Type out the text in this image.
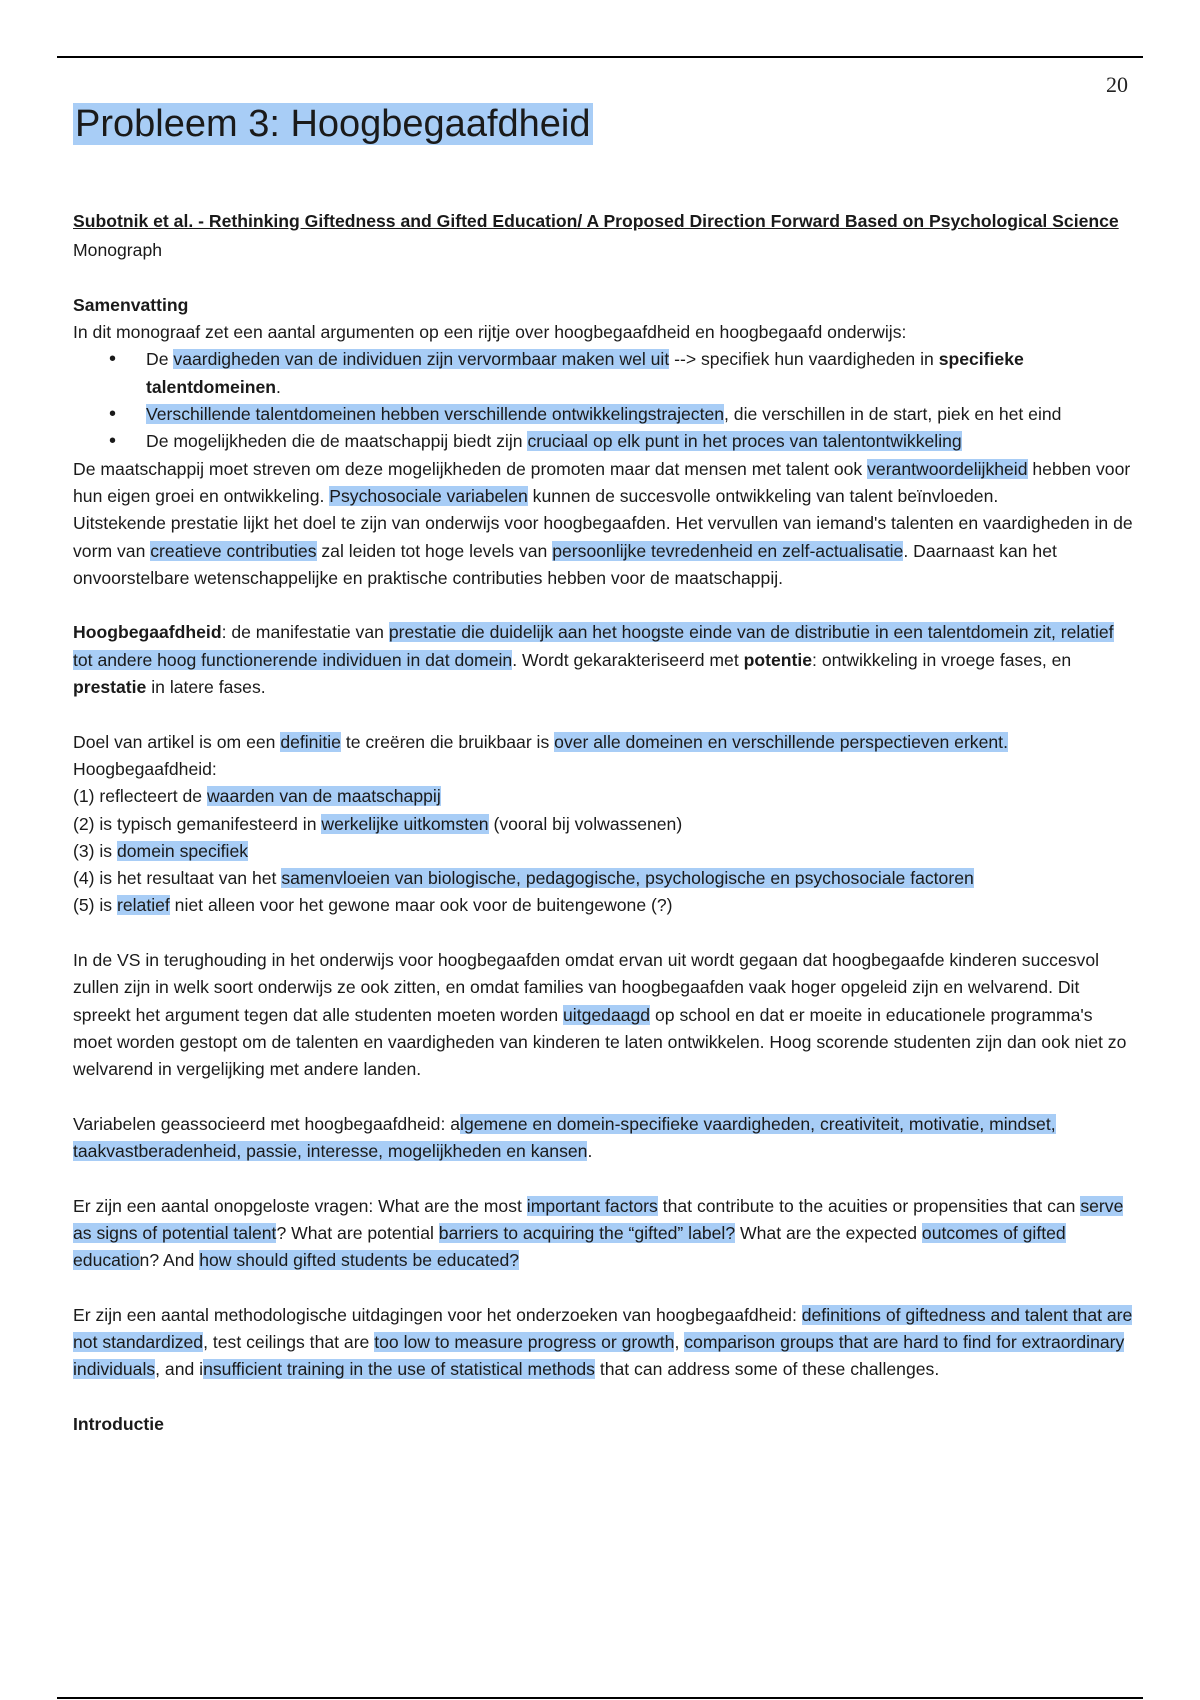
20
Probleem 3: Hoogbegaafdheid
Subotnik et al. - Rethinking Giftedness and Gifted Education/ A Proposed Direction Forward Based on Psychological Science

Monograph

Samenvatting

In dit monograaf zet een aantal argumenten op een rijtje over hoogbegaafdheid en hoogbegaafd onderwijs:

• De vaardigheden van de individuen zijn vervormbaar maken wel uit --> specifiek hun vaardigheden in specifieke talentdomeinen.
• Verschillende talentdomeinen hebben verschillende ontwikkelingstrajecten, die verschillen in de start, piek en het eind
• De mogelijkheden die de maatschappij biedt zijn cruciaal op elk punt in het proces van talentontwikkeling

De maatschappij moet streven om deze mogelijkheden de promoten maar dat mensen met talent ook verantwoordelijkheid hebben voor hun eigen groei en ontwikkeling. Psychosociale variabelen kunnen de succesvolle ontwikkeling van talent beïnvloeden.

Uitstekende prestatie lijkt het doel te zijn van onderwijs voor hoogbegaafden. Het vervullen van iemand's talenten en vaardigheden in de vorm van creatieve contributies zal leiden tot hoge levels van persoonlijke tevredenheid en zelf-actualisatie. Daarnaast kan het onvoorstelbare wetenschappelijke en praktische contributies hebben voor de maatschappij.

Hoogbegaafdheid: de manifestatie van prestatie die duidelijk aan het hoogste einde van de distributie in een talentdomein zit, relatief tot andere hoog functionerende individuen in dat domein. Wordt gekarakteriseerd met potentie: ontwikkeling in vroege fases, en prestatie in latere fases.

Doel van artikel is om een definitie te creëren die bruikbaar is over alle domeinen en verschillende perspectieven erkent. Hoogbegaafdheid:

(1) reflecteert de waarden van de maatschappij

(2) is typisch gemanifesteerd in werkelijke uitkomsten (vooral bij volwassenen)

(3) is domein specifiek

(4) is het resultaat van het samenvloeien van biologische, pedagogische, psychologische en psychosociale factoren

(5) is relatief niet alleen voor het gewone maar ook voor de buitengewone (?)

In de VS in terughouding in het onderwijs voor hoogbegaafden omdat ervan uit wordt gegaan dat hoogbegaafde kinderen succesvol zullen zijn in welk soort onderwijs ze ook zitten, en omdat families van hoogbegaafden vaak hoger opgeleid zijn en welvarend. Dit spreekt het argument tegen dat alle studenten moeten worden uitgedaagd op school en dat er moeite in educationele programma's moet worden gestopt om de talenten en vaardigheden van kinderen te laten ontwikkelen. Hoog scorende studenten zijn dan ook niet zo welvarend in vergelijking met andere landen.

Variabelen geassocieerd met hoogbegaafdheid: algemene en domein-specifieke vaardigheden, creativiteit, motivatie, mindset, taakvastberadenheid, passie, interesse, mogelijkheden en kansen.

Er zijn een aantal onopgeloste vragen: What are the most important factors that contribute to the acuities or propensities that can serve as signs of potential talent? What are potential barriers to acquiring the “gifted” label? What are the expected outcomes of gifted education? And how should gifted students be educated?

Er zijn een aantal methodologische uitdagingen voor het onderzoeken van hoogbegaafdheid: definitions of giftedness and talent that are not standardized, test ceilings that are too low to measure progress or growth, comparison groups that are hard to find for extraordinary individuals, and insufficient training in the use of statistical methods that can address some of these challenges.

Introductie
